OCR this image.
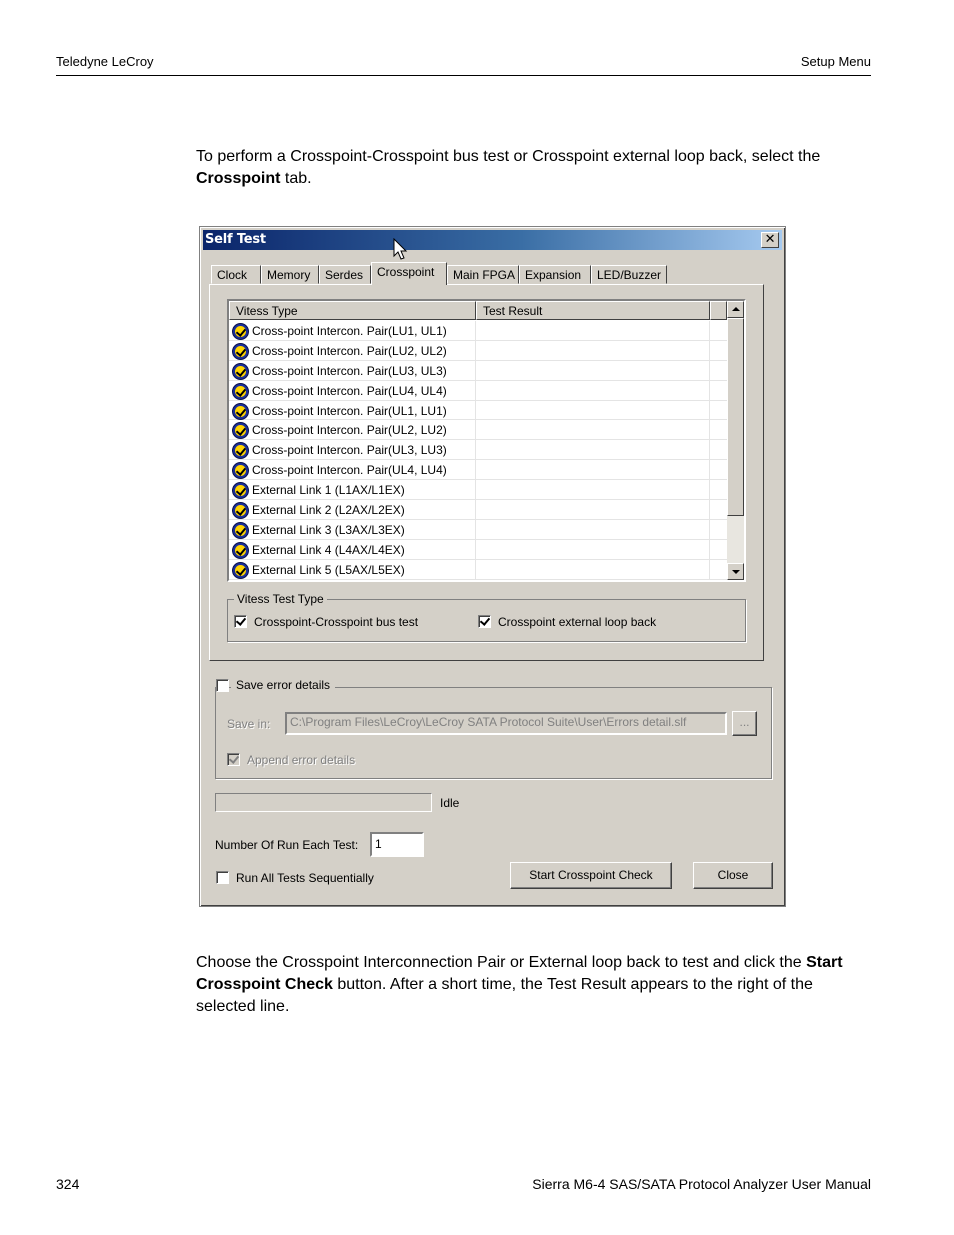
Teledyne LeCroy	Setup Menu

To perform a Crosspoint-Crosspoint bus test or Crosspoint external loop back, select the Crosspoint tab.

Self Test	✕
Clock	Memory	Serdes	Crosspoint	Main FPGA Expansion	LED/Buzzer
Vitess Type	Test Result
Cross-point Intercon. Pair(LU1, UL1)
Cross-point Intercon. Pair(LU2, UL2)
Cross-point Intercon. Pair(LU3, UL3)
Cross-point Intercon. Pair(LU4, UL4)
Cross-point Intercon. Pair(UL1, LU1)
Cross-point Intercon. Pair(UL2, LU2)
Cross-point Intercon. Pair(UL3, LU3)
Cross-point Intercon. Pair(UL4, LU4)
External Link 1 (L1AX/L1EX)
External Link 2 (L2AX/L2EX)
External Link 3 (L3AX/L3EX)
External Link 4 (L4AX/L4EX)
External Link 5 (L5AX/L5EX)
Vitess Test Type
Crosspoint-Crosspoint bus test	Crosspoint external loop back
Save error details
Save in:	C:\Program Files\LeCroy\LeCroy SATA Protocol Suite\User\Errors detail.slf	...
Append error details
Idle
Number Of Run Each Test:	1
Run All Tests Sequentially	Start Crosspoint Check	Close

Choose the Crosspoint Interconnection Pair or External loop back to test and click the Start Crosspoint Check button. After a short time, the Test Result appears to the right of the selected line.

324	Sierra M6-4 SAS/SATA Protocol Analyzer User Manual
